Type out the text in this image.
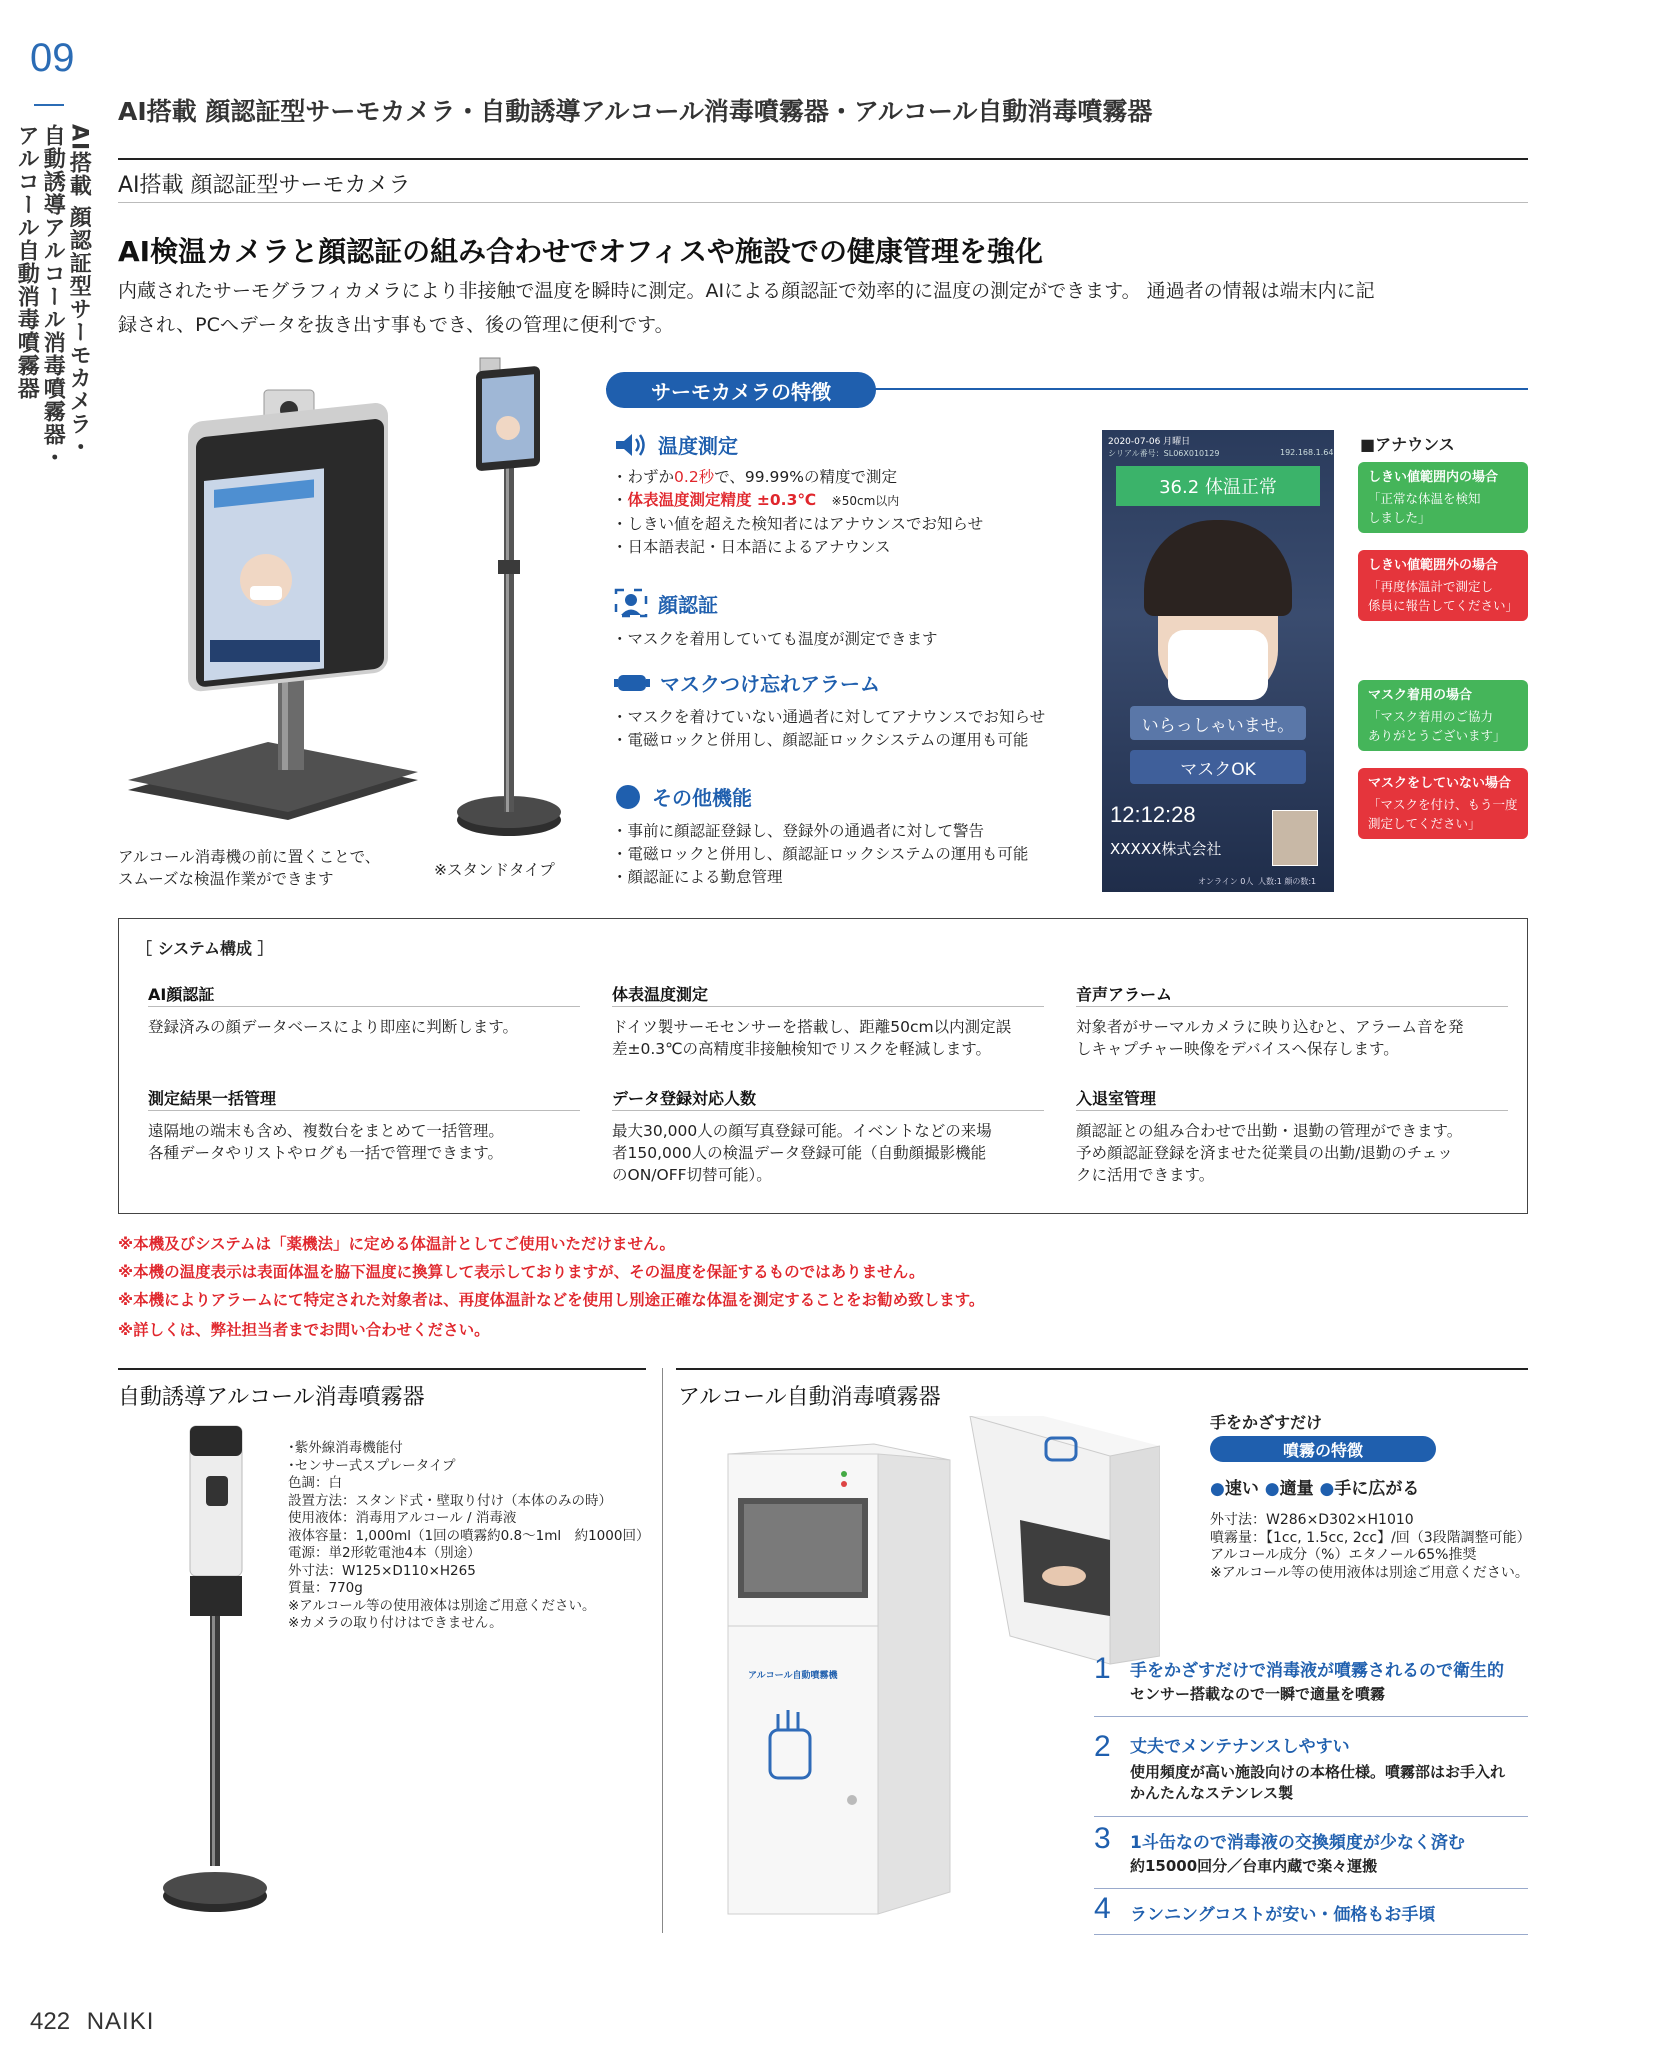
09
AI搭載 顔認証型サーモカメラ・
自動誘導アルコール消毒噴霧器・
アルコール自動消毒噴霧器
AI搭載 顔認証型サーモカメラ・自動誘導アルコール消毒噴霧器・アルコール自動消毒噴霧器
AI搭載 顔認証型サーモカメラ
AI検温カメラと顔認証の組み合わせでオフィスや施設での健康管理を強化
内蔵されたサーモグラフィカメラにより非接触で温度を瞬時に測定。AIによる顔認証で効率的に温度の測定ができます。 通過者の情報は端末内に記
録され、PCへデータを抜き出す事もでき、後の管理に便利です。
アルコール消毒機の前に置くことで、
スムーズな検温作業ができます	※スタンドタイプ
サーモカメラの特徴
温度測定
・ わずか0.2秒で、99.99%の精度で測定
・ 体表温度測定精度 ±0.3℃　 ※50cm以内
・ しきい値を超えた検知者にはアナウンスでお知らせ
・ 日本語表記・日本語によるアナウンス
顔認証
・ マスクを着用していても温度が測定できます
マスクつけ忘れアラーム
・ マスクを着けていない通過者に対してアナウンスでお知らせ
・ 電磁ロックと併用し、顔認証ロックシステムの運用も可能
その他機能
・ 事前に顔認証登録し、登録外の通過者に対して警告
・ 電磁ロックと併用し、顔認証ロックシステムの運用も可能
・ 顔認証による勤怠管理
2020-07-06 月曜日
シリアル番号：SL06X010129	192.168.1.64
36.2 体温正常
いらっしゃいませ。
マスクOK
12:12:28
XXXXX株式会社
オンライン 0人 人数:1 顔の数:1
■アナウンス
しきい値範囲内の場合
「正常な体温を検知
しました」
しきい値範囲外の場合
「再度体温計で測定し
係員に報告してください」
マスク着用の場合
「マスク着用のご協力
ありがとうございます」
マスクをしていない場合
「マスクを付け、もう一度
測定してください」
［ システム構成 ］
AI顔認証
登録済みの顔データベースにより即座に判断します。
体表温度測定
ドイツ製サーモセンサーを搭載し、距離50cm以内測定誤
差±0.3℃の高精度非接触検知でリスクを軽減します。
音声アラーム
対象者がサーマルカメラに映り込むと、アラーム音を発
しキャプチャー映像をデバイスへ保存します。
測定結果一括管理
遠隔地の端末も含め、複数台をまとめて一括管理。
各種データやリストやログも一括で管理できます。
データ登録対応人数
最大30,000人の顔写真登録可能。イベントなどの来場
者150,000人の検温データ登録可能（自動顔撮影機能
のON/OFF切替可能）。
入退室管理
顔認証との組み合わせで出勤・退勤の管理ができます。
予め顔認証登録を済ませた従業員の出勤/退勤のチェッ
クに活用できます。
※本機及びシステムは「薬機法」に定める体温計としてご使用いただけません。
※本機の温度表示は表面体温を脇下温度に換算して表示しておりますが、その温度を保証するものではありません。
※本機によりアラームにて特定された対象者は、再度体温計などを使用し別途正確な体温を測定することをお勧め致します。
※詳しくは、弊社担当者までお問い合わせください。
自動誘導アルコール消毒噴霧器
･紫外線消毒機能付
･センサー式スプレータイプ
色調：白
設置方法：スタンド式・壁取り付け（本体のみの時）
使用液体：消毒用アルコール / 消毒液
液体容量：1,000ml（1回の噴霧約0.8～1ml　約1000回）
電源：単2形乾電池4本（別途）
外寸法：W125×D110×H265
質量：770g
※アルコール等の使用液体は別途ご用意ください。
※カメラの取り付けはできません。
アルコール自動消毒噴霧器
アルコール自動噴霧機
手をかざすだけ
噴霧の特徴
●速い ●適量 ●手に広がる
外寸法：W286×D302×H1010
噴霧量：【1cc, 1.5cc, 2cc】/回（3段階調整可能）
アルコール成分（%）エタノール65%推奨
※アルコール等の使用液体は別途ご用意ください。
1 手をかざすだけで消毒液が噴霧されるので衛生的
センサー搭載なので一瞬で適量を噴霧
2 丈夫でメンテナンスしやすい
使用頻度が高い施設向けの本格仕様。噴霧部はお手入れ
かんたんなステンレス製
3 1斗缶なので消毒液の交換頻度が少なく済む
約15000回分／台車内蔵で楽々運搬
4 ランニングコストが安い・価格もお手頃
422 NAIKI
